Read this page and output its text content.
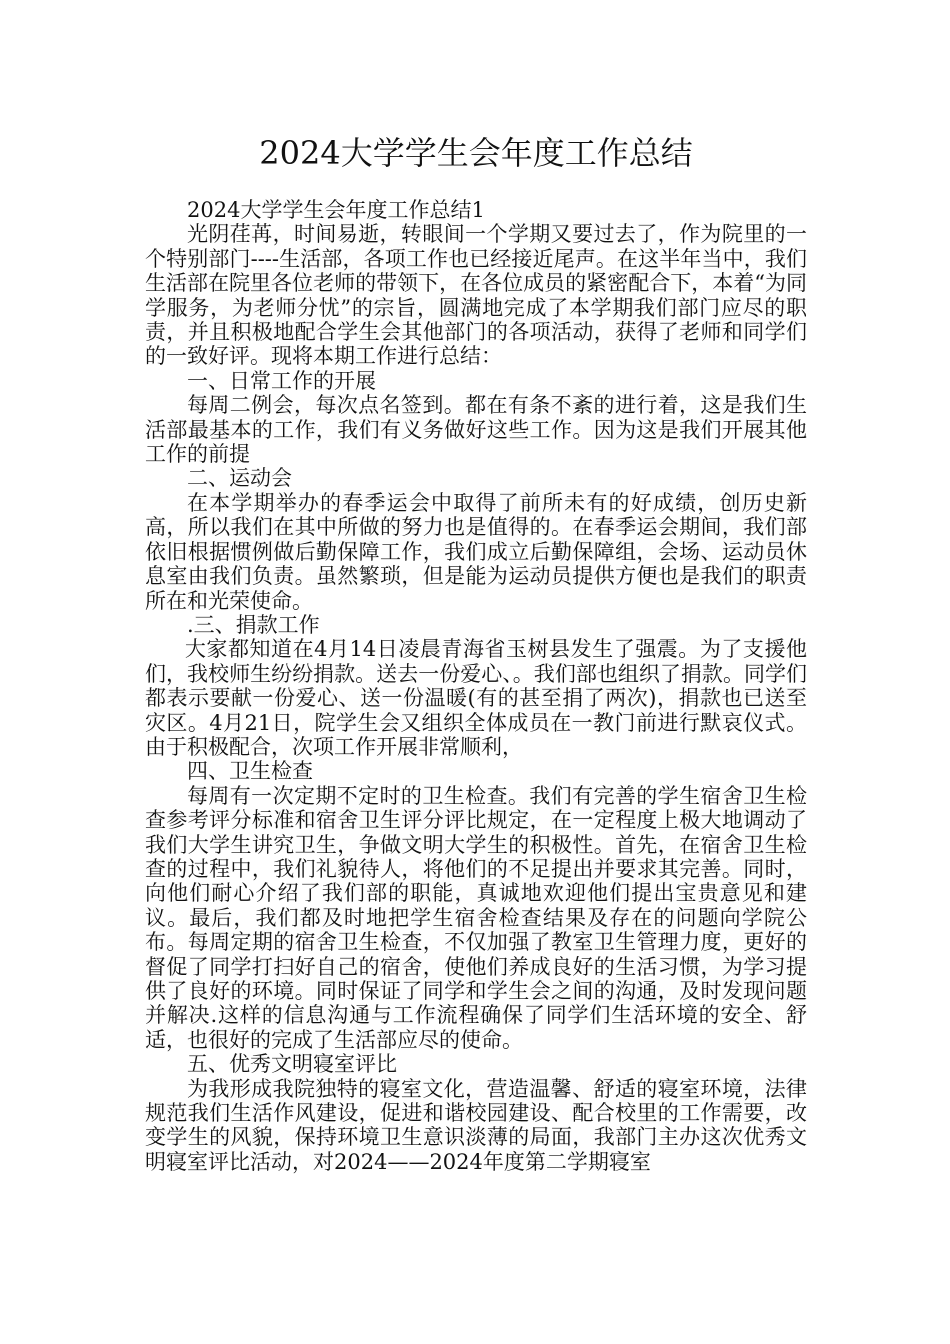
2024大学学生会年度工作总结

2024大学学生会年度工作总结1

光阴荏苒，时间易逝，转眼间一个学期又要过去了，作为院里的一个特别部门----生活部，各项工作也已经接近尾声。在这半年当中，我们生活部在院里各位老师的带领下，在各位成员的紧密配合下，本着“为同学服务，为老师分忧”的宗旨，圆满地完成了本学期我们部门应尽的职责，并且积极地配合学生会其他部门的各项活动，获得了老师和同学们的一致好评。现将本期工作进行总结：

一、日常工作的开展

每周二例会，每次点名签到。都在有条不紊的进行着，这是我们生活部最基本的工作，我们有义务做好这些工作。因为这是我们开展其他工作的前提

二、运动会

在本学期举办的春季运会中取得了前所未有的好成绩，创历史新高，所以我们在其中所做的努力也是值得的。在春季运会期间，我们部依旧根据惯例做后勤保障工作，我们成立后勤保障组，会场、运动员休息室由我们负责。虽然繁琐，但是能为运动员提供方便也是我们的职责所在和光荣使命。

.三、捐款工作

大家都知道在4月14日凌晨青海省玉树县发生了强震。为了支援他们，我校师生纷纷捐款。送去一份爱心、。我们部也组织了捐款。同学们都表示要献一份爱心、送一份温暖(有的甚至捐了两次)，捐款也已送至灾区。4月21日，院学生会又组织全体成员在一教门前进行默哀仪式。由于积极配合，次项工作开展非常顺利，

四、卫生检查

每周有一次定期不定时的卫生检查。我们有完善的学生宿舍卫生检查参考评分标准和宿舍卫生评分评比规定，在一定程度上极大地调动了我们大学生讲究卫生，争做文明大学生的积极性。首先，在宿舍卫生检查的过程中，我们礼貌待人，将他们的不足提出并要求其完善。同时，向他们耐心介绍了我们部的职能，真诚地欢迎他们提出宝贵意见和建议。最后，我们都及时地把学生宿舍检查结果及存在的问题向学院公布。每周定期的宿舍卫生检查，不仅加强了教室卫生管理力度，更好的督促了同学打扫好自己的宿舍，使他们养成良好的生活习惯，为学习提供了良好的环境。同时保证了同学和学生会之间的沟通，及时发现问题并解决.这样的信息沟通与工作流程确保了同学们生活环境的安全、舒适，也很好的完成了生活部应尽的使命。

五、优秀文明寝室评比

为我形成我院独特的寝室文化，营造温馨、舒适的寝室环境，法律规范我们生活作风建设，促进和谐校园建设、配合校里的工作需要，改变学生的风貌，保持环境卫生意识淡薄的局面，我部门主办这次优秀文明寝室评比活动，对2024——2024年度第二学期寝室
